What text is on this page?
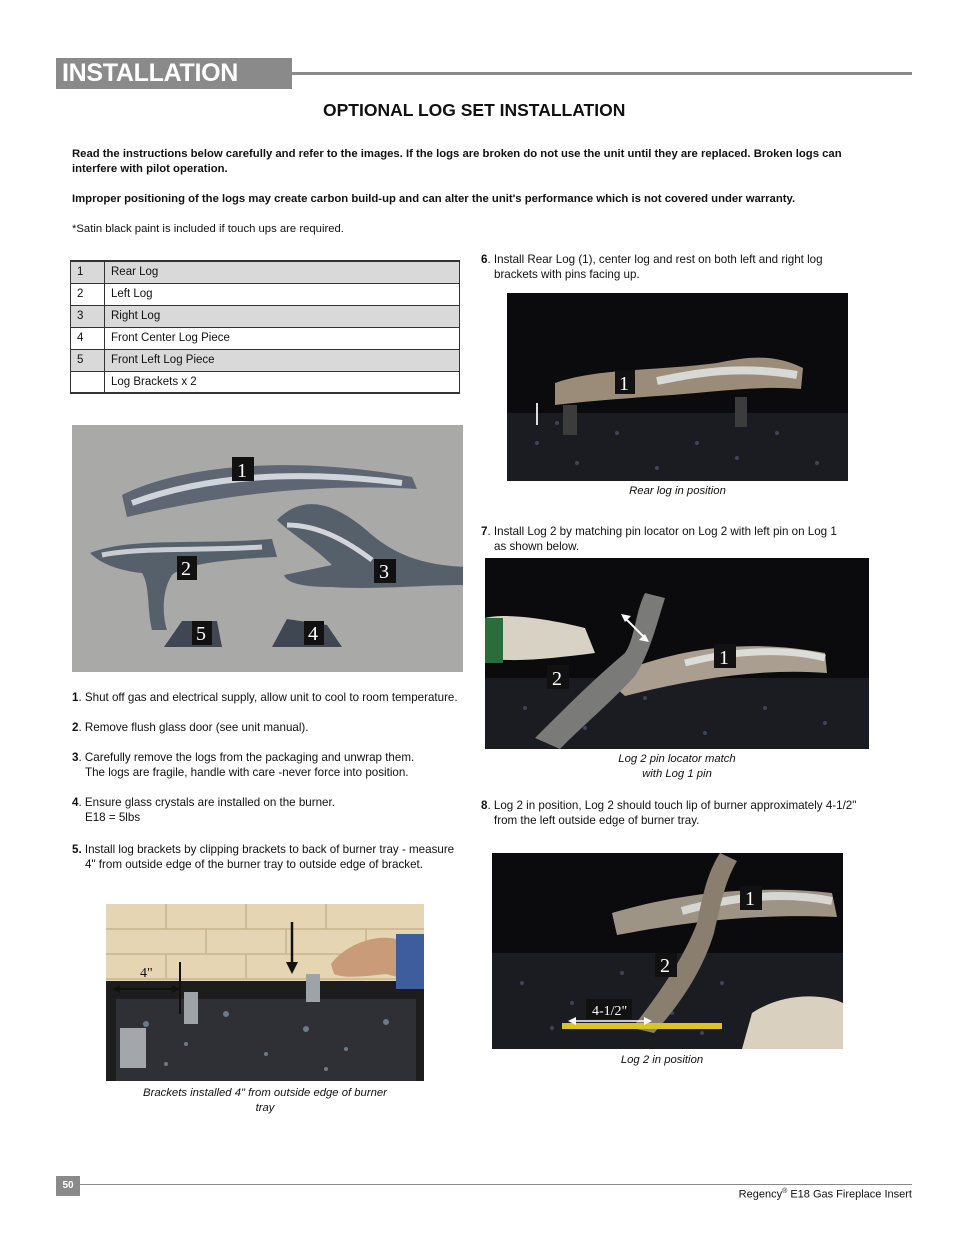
INSTALLATION
OPTIONAL LOG SET INSTALLATION

Read the instructions below carefully and refer to the images. If the logs are broken do not use the unit until they are replaced. Broken logs can interfere with pilot operation.

Improper positioning of the logs may create carbon build-up and can alter the unit's performance which is not covered under warranty.

*Satin black paint is included if touch ups are required.

1	Rear Log
2	Left Log
3	Right Log
4	Front Center Log Piece
5	Front Left Log Piece
	Log Brackets x 2
1
2	3
5	4

1. Shut off gas and electrical supply, allow unit to cool to room temperature.

2. Remove flush glass door (see unit manual).

3. Carefully remove the logs from the packaging and unwrap them.
The logs are fragile, handle with care -never force into position.

4. Ensure glass crystals are installed on the burner.
E18 = 5lbs

5. Install log brackets by clipping brackets to back of burner tray - measure
4" from outside edge of the burner tray to outside edge of bracket.

4"

Brackets installed 4" from outside edge of burner
tray

6. Install Rear Log (1), center log and rest on both left and right log
brackets with pins facing up.

1

Rear log in position

7. Install Log 2 by matching pin locator on Log 2 with left pin on Log 1
as shown below.

1
2

Log 2 pin locator match
with Log 1 pin

8. Log 2 in position, Log 2 should touch lip of burner approximately 4-1/2"
from the left outside edge of burner tray.

4-1/2"
1
2

Log 2 in position

50
Regency® E18 Gas Fireplace Insert
